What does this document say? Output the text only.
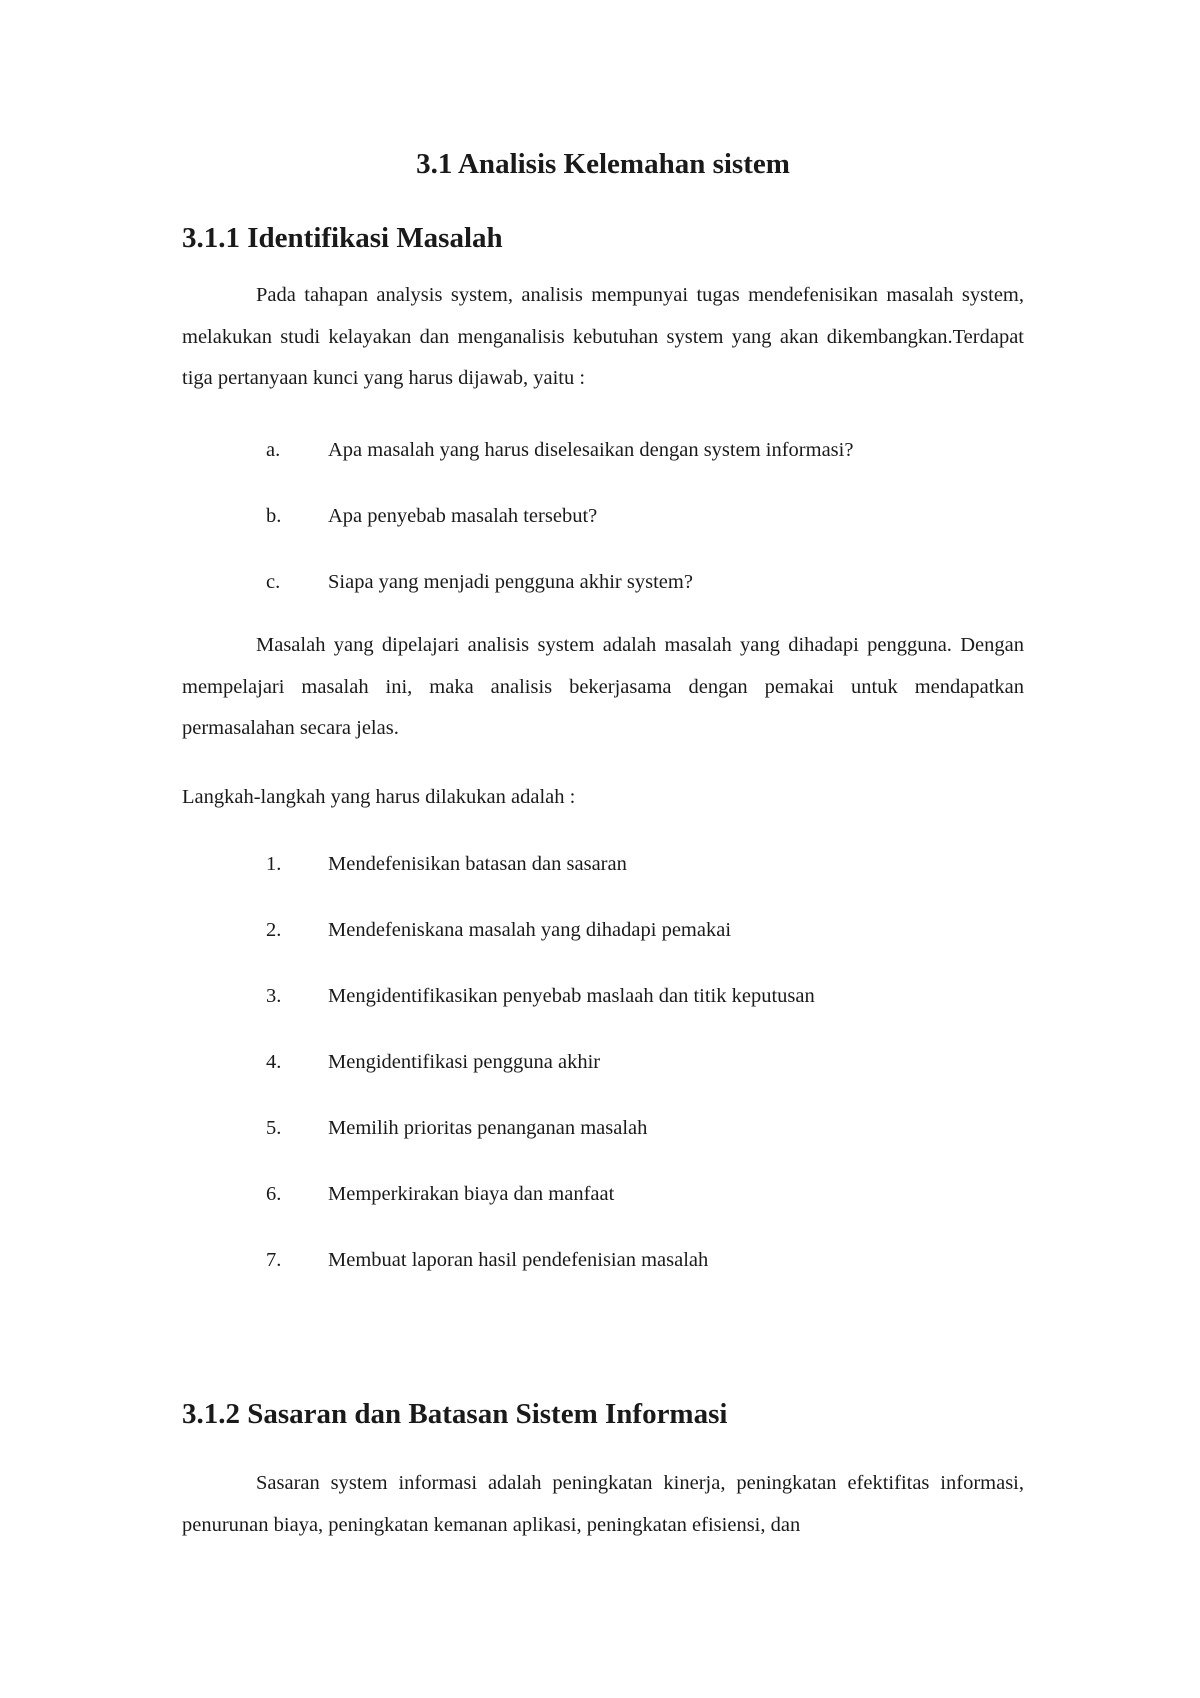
3.1 Analisis Kelemahan sistem
3.1.1 Identifikasi Masalah

Pada tahapan analysis system, analisis mempunyai tugas mendefenisikan masalah system, melakukan studi kelayakan dan menganalisis kebutuhan system yang akan dikembangkan.Terdapat tiga pertanyaan kunci yang harus dijawab, yaitu :

a.	Apa masalah yang harus diselesaikan dengan system informasi?
b.	Apa penyebab masalah tersebut?
c.	Siapa yang menjadi pengguna akhir system?

Masalah yang dipelajari analisis system adalah masalah yang dihadapi pengguna. Dengan mempelajari masalah ini, maka analisis bekerjasama dengan pemakai untuk mendapatkan permasalahan secara jelas.

Langkah-langkah yang harus dilakukan adalah :

1.	Mendefenisikan batasan dan sasaran
2.	Mendefeniskana masalah yang dihadapi pemakai
3.	Mengidentifikasikan penyebab maslaah dan titik keputusan
4.	Mengidentifikasi pengguna akhir
5.	Memilih prioritas penanganan masalah
6.	Memperkirakan biaya dan manfaat
7.	Membuat laporan hasil pendefenisian masalah
3.1.2 Sasaran dan Batasan Sistem Informasi

Sasaran system informasi adalah peningkatan kinerja, peningkatan efektifitas informasi, penurunan biaya, peningkatan kemanan aplikasi, peningkatan efisiensi, dan
